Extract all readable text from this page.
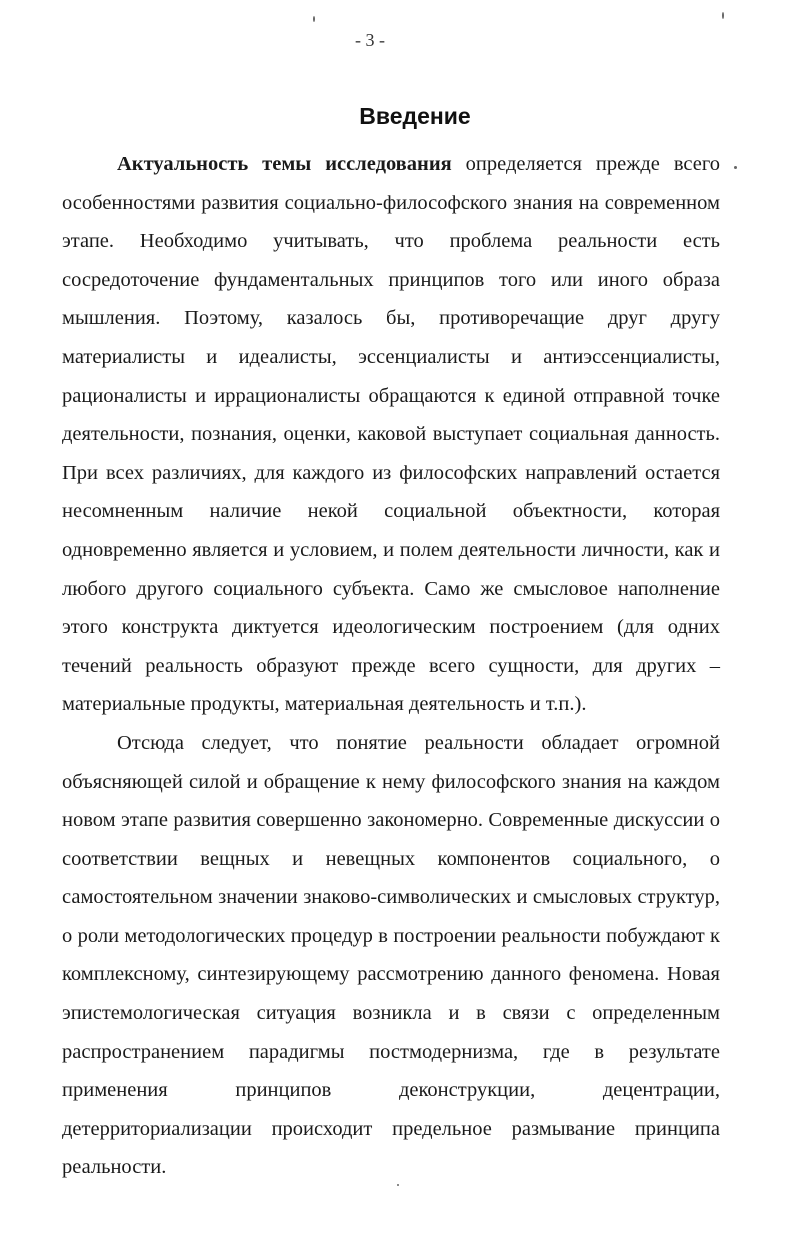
- 3 -
Введение

Актуальность темы исследования определяется прежде всего особенностями развития социально-философского знания на современном этапе. Необходимо учитывать, что проблема реальности есть сосредоточение фундаментальных принципов того или иного образа мышления. Поэтому, казалось бы, противоречащие друг другу материалисты и идеалисты, эссенциалисты и антиэссенциалисты, рационалисты и иррационалисты обращаются к единой отправной точке деятельности, познания, оценки, каковой выступает социальная данность. При всех различиях, для каждого из философских направлений остается несомненным наличие некой социальной объектности, которая одновременно является и условием, и полем деятельности личности, как и любого другого социального субъекта. Само же смысловое наполнение этого конструкта диктуется идеологическим построением (для одних течений реальность образуют прежде всего сущности, для других – материальные продукты, материальная деятельность и т.п.).

Отсюда следует, что понятие реальности обладает огромной объясняющей силой и обращение к нему философского знания на каждом новом этапе развития совершенно закономерно. Современные дискуссии о соответствии вещных и невещных компонентов социального, о самостоятельном значении знаково-символических и смысловых структур, о роли методологических процедур в построении реальности побуждают к комплексному, синтезирующему рассмотрению данного феномена. Новая эпистемологическая ситуация возникла и в связи с определенным распространением парадигмы постмодернизма, где в результате применения принципов деконструкции, децентрации, детерриториализации происходит предельное размывание принципа реальности.
